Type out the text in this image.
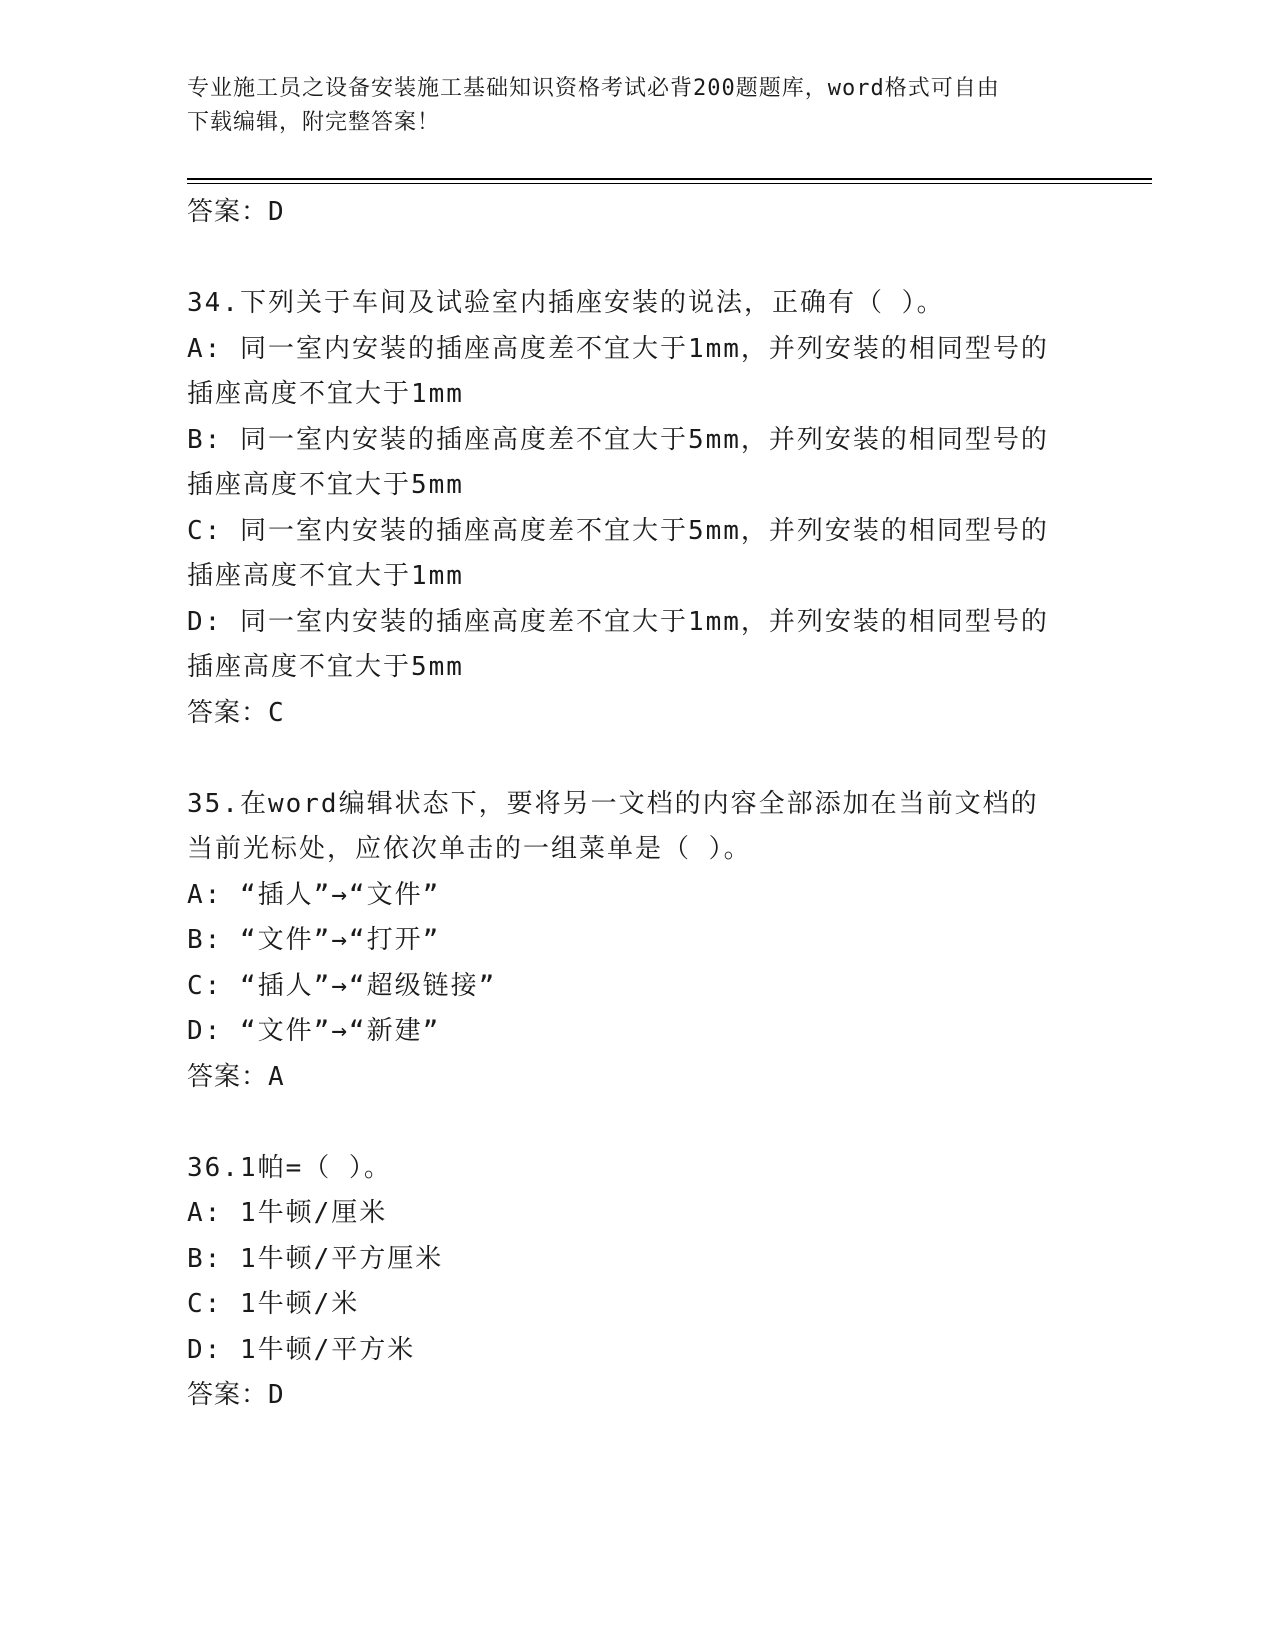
专业施工员之设备安装施工基础知识资格考试必背200题题库，word格式可自由
下载编辑，附完整答案！
答案：D
34.下列关于车间及试验室内插座安装的说法，正确有（ ）。
A: 同一室内安装的插座高度差不宜大于1mm，并列安装的相同型号的
插座高度不宜大于1mm
B: 同一室内安装的插座高度差不宜大于5mm，并列安装的相同型号的
插座高度不宜大于5mm
C: 同一室内安装的插座高度差不宜大于5mm，并列安装的相同型号的
插座高度不宜大于1mm
D: 同一室内安装的插座高度差不宜大于1mm，并列安装的相同型号的
插座高度不宜大于5mm
答案：C
35.在word编辑状态下，要将另一文档的内容全部添加在当前文档的
当前光标处，应依次单击的一组菜单是（ ）。
A: “插人”→“文件”
B: “文件”→“打开”
C: “插人”→“超级链接”
D: “文件”→“新建”
答案：A
36.1帕=（ ）。
A: 1牛顿/厘米
B: 1牛顿/平方厘米
C: 1牛顿/米
D: 1牛顿/平方米
答案：D
